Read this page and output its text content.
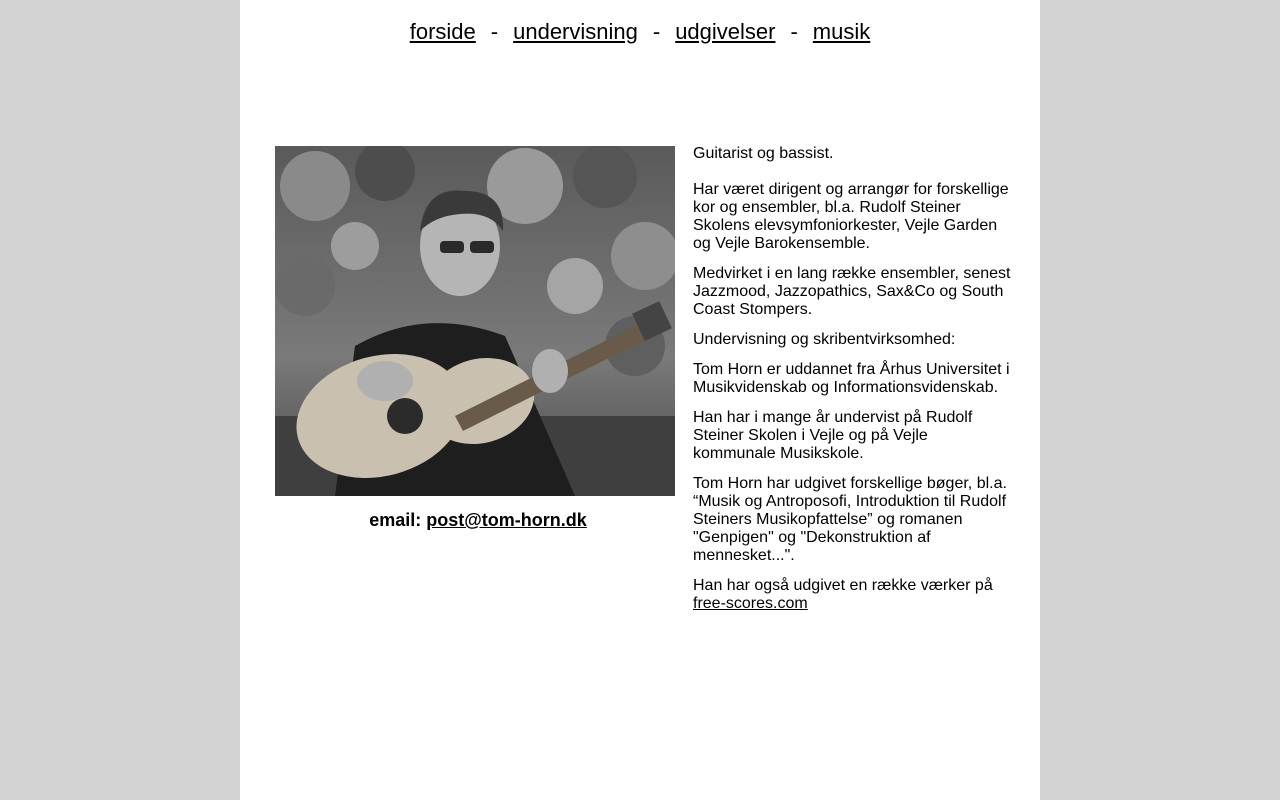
forside - undervisning - udgivelser - musik
email: post@tom-horn.dk

Guitarist og bassist.

Har været dirigent og arrangør for forskellige kor og ensembler, bl.a. Rudolf Steiner Skolens elevsymfoniorkester, Vejle Garden og Vejle Barokensemble.

Medvirket i en lang række ensembler, senest Jazzmood, Jazzopathics, Sax&Co og South Coast Stompers.

Undervisning og skribentvirksomhed:

Tom Horn er uddannet fra Århus Universitet i Musikvidenskab og Informationsvidenskab.

Han har i mange år undervist på Rudolf Steiner Skolen i Vejle og på Vejle kommunale Musikskole.

Tom Horn har udgivet forskellige bøger, bl.a. “Musik og Antroposofi, Introduktion til Rudolf Steiners Musikopfattelse” og romanen "Genpigen" og "Dekonstruktion af mennesket...".

Han har også udgivet en række værker på
free-scores.com
